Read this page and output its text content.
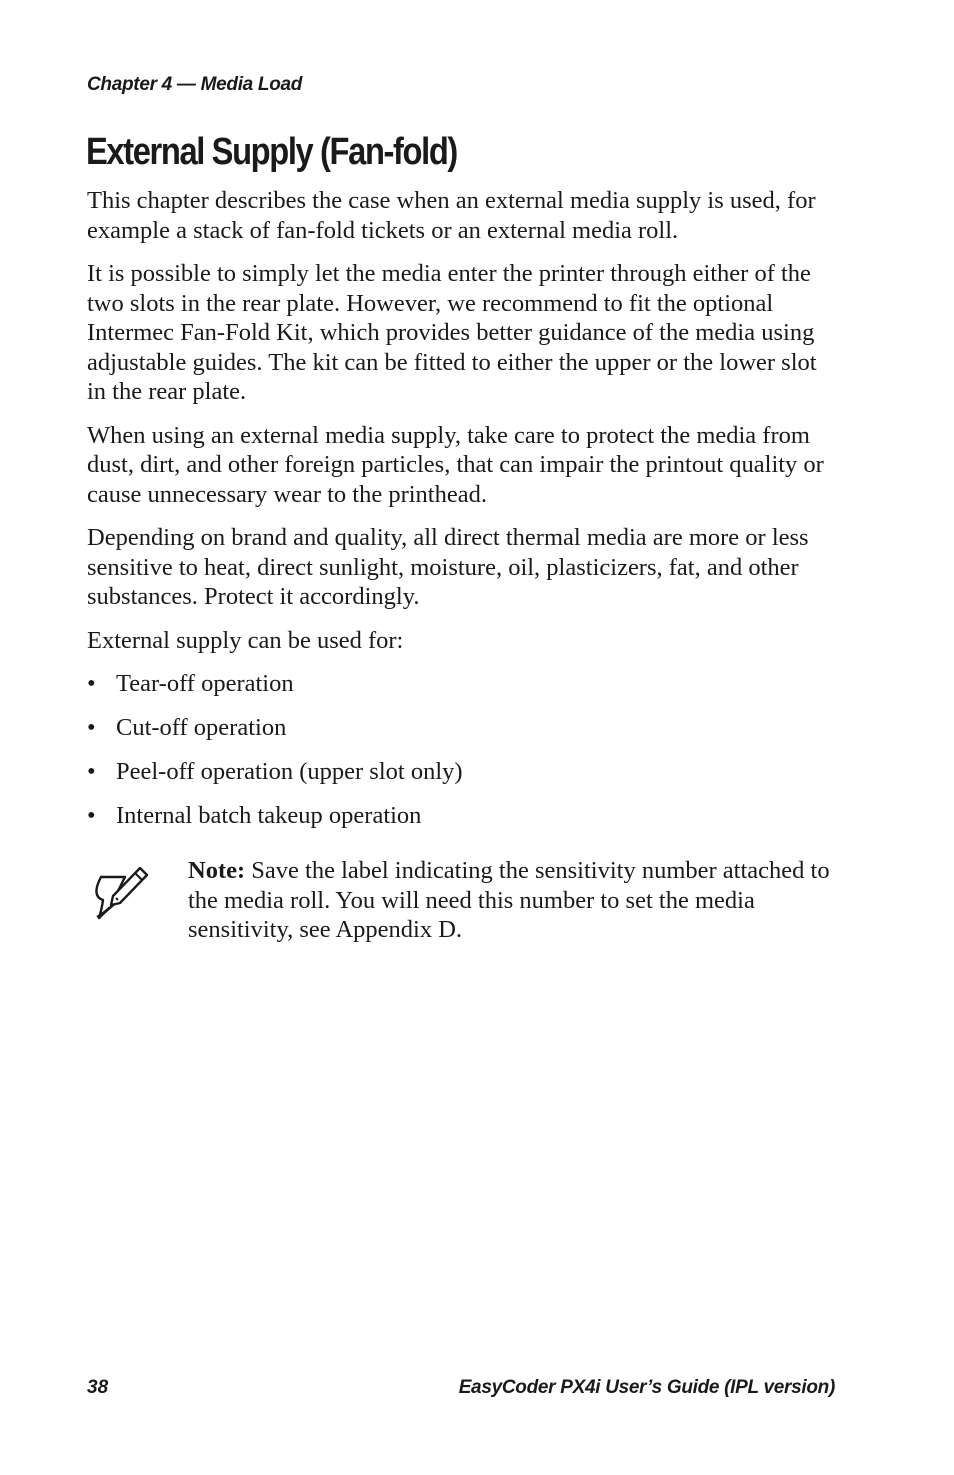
Chapter 4 — Media Load
External Supply (Fan-fold)

This chapter describes the case when an external media supply is used, for example a stack of fan-fold tickets or an external media roll.

It is possible to simply let the media enter the printer through either of the two slots in the rear plate. However, we recommend to fit the optional Intermec Fan-Fold Kit, which provides better guidance of the media using adjustable guides. The kit can be fitted to either the upper or the lower slot in the rear plate.

When using an external media supply, take care to protect the media from dust, dirt, and other foreign particles, that can impair the printout quality or cause unnecessary wear to the printhead.

Depending on brand and quality, all direct thermal media are more or less sensitive to heat, direct sunlight, moisture, oil, plasticizers, fat, and other substances. Protect it accordingly.

External supply can be used for:

• Tear-off operation
• Cut-off operation
• Peel-off operation (upper slot only)
• Internal batch takeup operation
Note: Save the label indicating the sensitivity number attached to the media roll. You will need this number to set the media sensitivity, see Appendix D.
38	EasyCoder PX4i User’s Guide (IPL version)
